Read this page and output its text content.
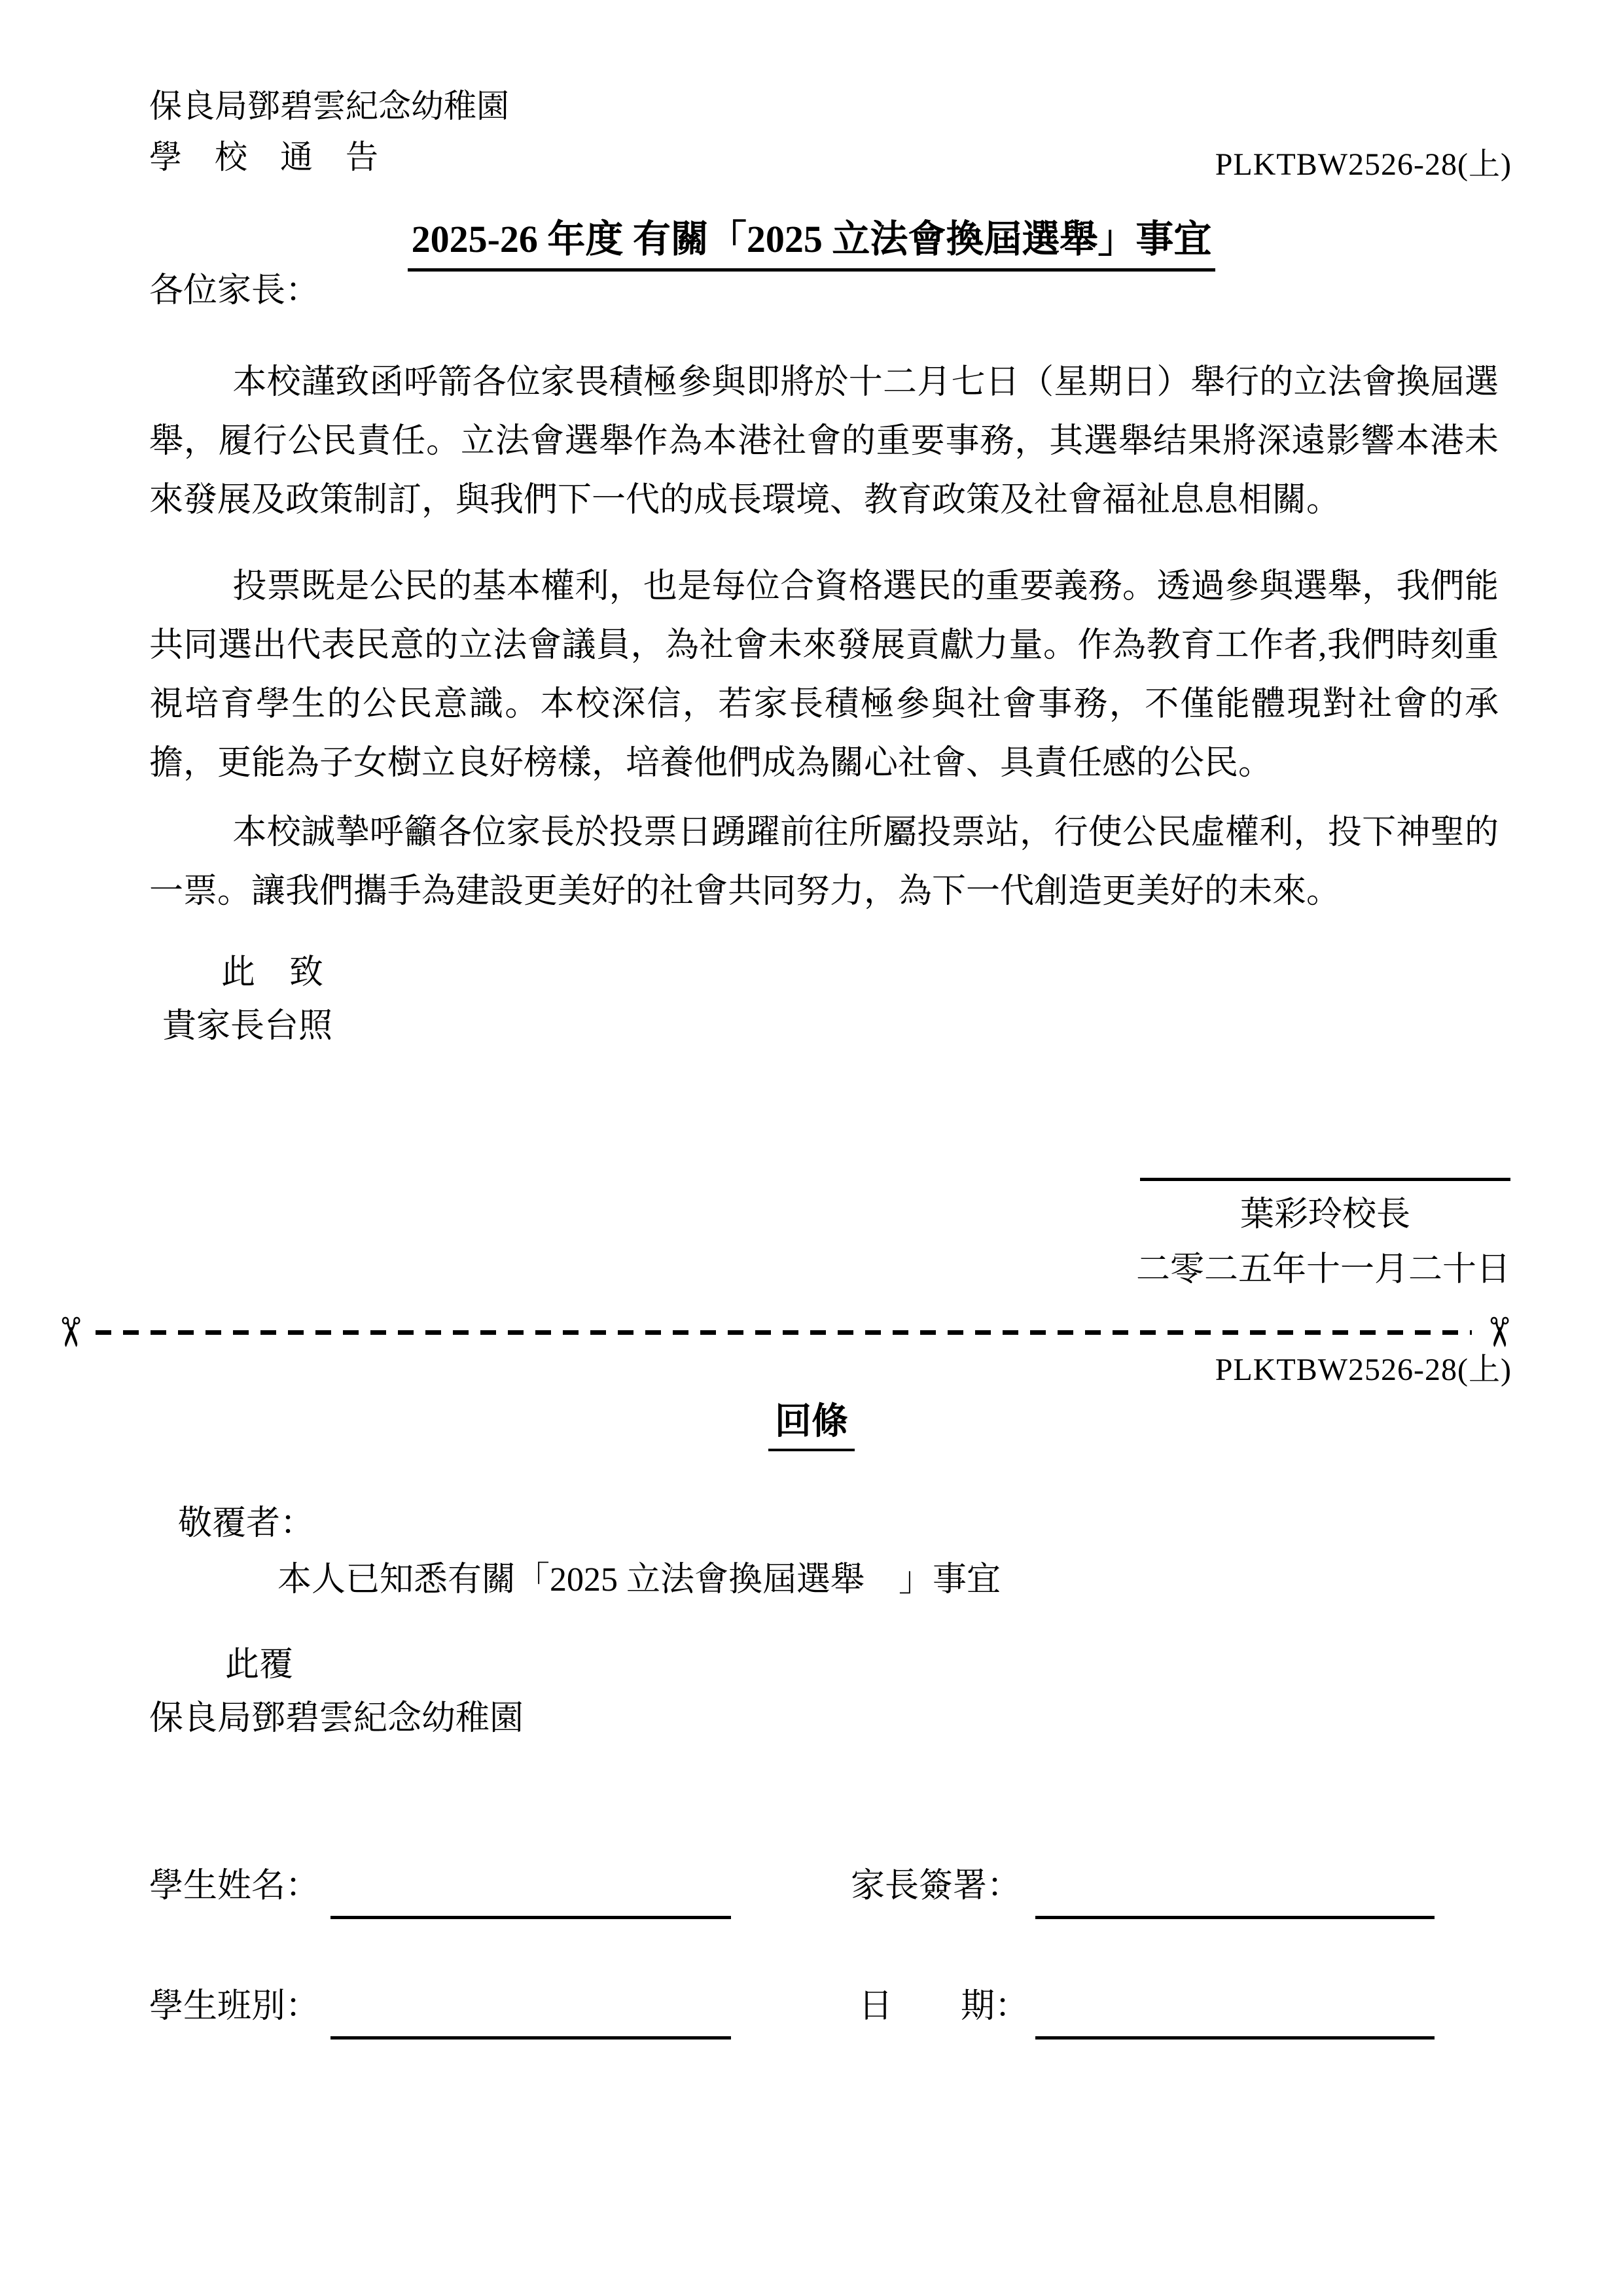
保良局鄧碧雲紀念幼稚園
學　校　通　告	PLKTBW2526-28(上)
2025-26 年度 有關「2025 立法會換屆選舉」事宜
各位家長：
本校謹致函呼箭各位家畏積極參與即將於十二月七日（星期日）舉行的立法會換屆選舉，履行公民責任。立法會選舉作為本港社會的重要事務，其選舉结果將深遠影響本港未來發展及政策制訂，與我們下一代的成長環境、教育政策及社會福祉息息相關。
投票既是公民的基本權利，也是每位合資格選民的重要義務。透過參與選舉，我們能共同選出代表民意的立法會議員，為社會未來發展貢獻力量。作為教育工作者,我們時刻重視培育學生的公民意識。本校深信，若家長積極參與社會事務，不僅能體現對社會的承擔，更能為子女樹立良好榜樣，培養他們成為關心社會、具責任感的公民。
本校誠摯呼籲各位家長於投票日踴躍前往所屬投票站，行使公民虛權利，投下神聖的一票。讓我們攜手為建設更美好的社會共同努力，為下一代創造更美好的未來。
此　致
貴家長台照
葉彩玲校長
二零二五年十一月二十日
✂	✂
PLKTBW2526-28(上)
回條
敬覆者：
本人已知悉有關「2025 立法會換屆選舉　」事宜
此覆
保良局鄧碧雲紀念幼稚園
學生姓名：	家長簽署：
學生班別：	日　　期：
